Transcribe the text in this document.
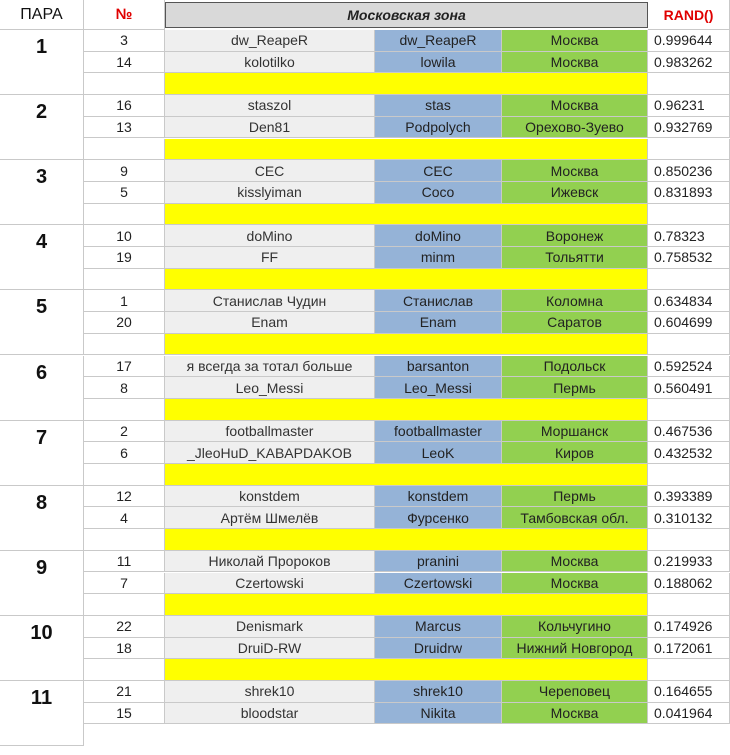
ПАРА	№	Московская зона	RAND()
1	3	dw_ReapeR	dw_ReapeR	Москва	0.999644
14	kolotilko	lowila	Москва	0.983262
2	16	staszol	stas	Москва	0.96231
13	Den81	Podpolych	Орехово-Зуево	0.932769
3	9	CEC	CEC	Москва	0.850236
5	kisslyiman	Coco	Ижевск	0.831893
4	10	doMino	doMino	Воронеж	0.78323
19	FF	minm	Тольятти	0.758532
5	1	Станислав Чудин	Станислав	Коломна	0.634834
20	Enam	Enam	Саратов	0.604699
6	17	я всегда за тотал больше	barsanton	Подольск	0.592524
8	Leo_Messi	Leo_Messi	Пермь	0.560491
7	2	footballmaster	footballmaster	Моршанск	0.467536
6	_JleoHuD_KABAPDAKOB	LeoK	Киров	0.432532
8	12	konstdem	konstdem	Пермь	0.393389
4	Артём Шмелёв	Фурсенко	Тамбовская обл.	0.310132
9	11	Николай Пророков	pranini	Москва	0.219933
7	Czertowski	Czertowski	Москва	0.188062
10	22	Denismark	Marcus	Кольчугино	0.174926
18	DruiD-RW	Druidrw	Нижний Новгород	0.172061
11	21	shrek10	shrek10	Череповец	0.164655
15	bloodstar	Nikita	Москва	0.041964
